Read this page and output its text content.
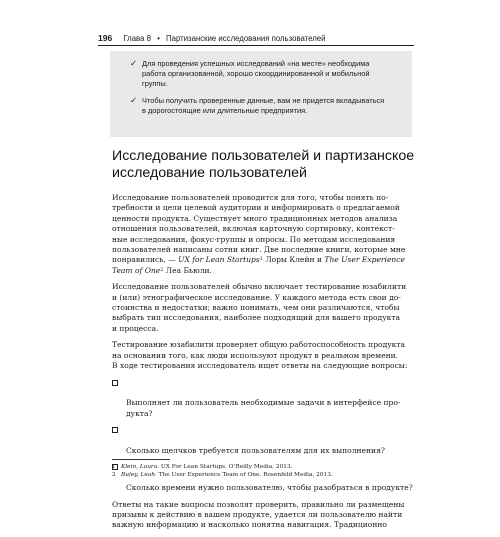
196 Глава 8 • Партизанские исследования пользователей
✓ Для проведения успешных исследований «на месте» необходима
работа организованной, хорошо скоординированной и мобильной
группы.
✓ Чтобы получить проверенные данные, вам не придется вкладываться
в дорогостоящие или длительные предприятия.
Исследование пользователей и партизанское
исследование пользователей

Исследование пользователей проводится для того, чтобы понять по-
требности и цели целевой аудитории и информировать о предлагаемой
ценности продукта. Существует много традиционных методов анализа
отношения пользователей, включая карточную сортировку, контекст-
ные исследования, фокус-группы и опросы. По методам исследования
пользователей написаны сотни книг. Две последние книги, которые мне
понравились, — UX for Lean Startups$^1$ Лоры Клейн и The User Experience
Team of One$^2$ Леа Бьюли.

Исследование пользователей обычно включает тестирование юзабилити
и (или) этнографическое исследование. У каждого метода есть свои до-
стоинства и недостатки; важно понимать, чем они различаются, чтобы
выбрать тип исследования, наиболее подходящий для вашего продукта
и процесса.

Тестирование юзабилити проверяет общую работоспособность продукта
на основании того, как люди используют продукт в реальном времени.
В ходе тестирования исследователь ищет ответы на следующие вопросы:

Выполняет ли пользователь необходимые задачи в интерфейсе про-
дукта?

Сколько щелчков требуется пользователям для их выполнения?

Сколько времени нужно пользователю, чтобы разобраться в продукте?

Ответы на такие вопросы позволят проверить, правильно ли размещены
призывы к действию в вашем продукте, удается ли пользователю найти
важную информацию и насколько понятна навигация. Традиционно

1 Klein, Laura. UX For Lean Startups. O’Reilly Media, 2013.
2 Buley, Leah. The User Experience Team of One. Rosenfeld Media, 2013.
